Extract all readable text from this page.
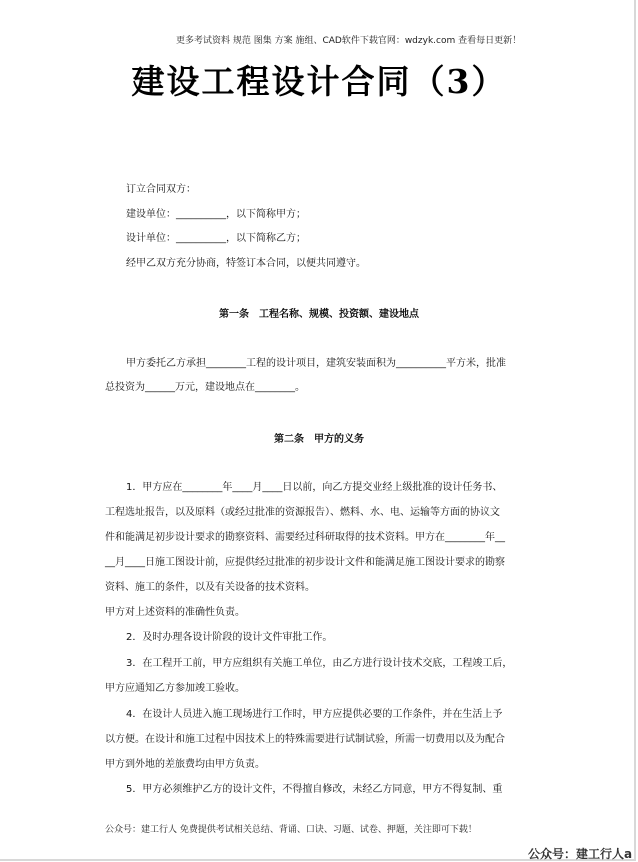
更多考试资料 规范 图集 方案 施组、CAD软件下载官网：wdzyk.com 查看每日更新！
建设工程设计合同（3）
订立合同双方：
建设单位：__________，以下简称甲方；
设计单位：__________，以下简称乙方；
经甲乙双方充分协商，特签订本合同，以便共同遵守。
第一条　工程名称、规模、投资额、建设地点
甲方委托乙方承担________工程的设计项目，建筑安装面积为__________平方米，批准
总投资为______万元，建设地点在________。
第二条　甲方的义务
1．甲方应在________年____月____日以前，向乙方提交业经上级批准的设计任务书、
工程选址报告，以及原料（或经过批准的资源报告）、燃料、水、电、运输等方面的协议文
件和能满足初步设计要求的勘察资料、需要经过科研取得的技术资料。甲方在________年__
__月____日施工图设计前，应提供经过批准的初步设计文件和能满足施工图设计要求的勘察
资料、施工的条件，以及有关设备的技术资料。
甲方对上述资料的准确性负责。
2．及时办理各设计阶段的设计文件审批工作。
3．在工程开工前，甲方应组织有关施工单位，由乙方进行设计技术交底，工程竣工后，
甲方应通知乙方参加竣工验收。
4．在设计人员进入施工现场进行工作时，甲方应提供必要的工作条件，并在生活上予
以方便。在设计和施工过程中因技术上的特殊需要进行试制试验，所需一切费用以及为配合
甲方到外地的差旅费均由甲方负责。
5．甲方必须维护乙方的设计文件，不得擅自修改，未经乙方同意，甲方不得复制、重
公众号：建工行人 免费提供考试相关总结、背诵、口诀、习题、试卷、押题，关注即可下载！
公众号：建工行人a
